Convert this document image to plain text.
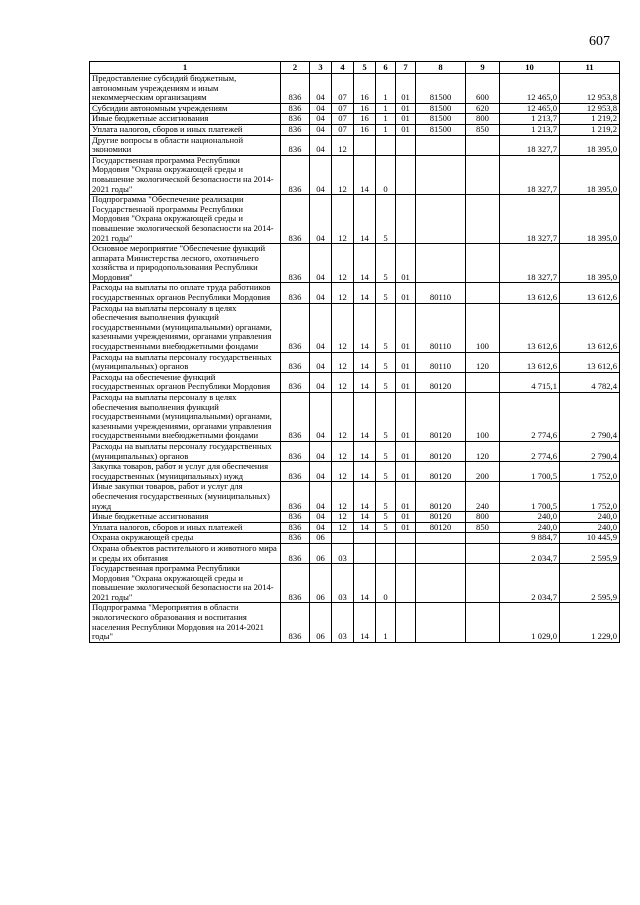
607
1	2	3	4	5	6	7	8	9	10	11
Предоставление субсидий бюджетным, автономным учреждениям и иным некоммерческим организациям	836	04	07	16	1	01	81500	600	12 465,0	12 953,8
Субсидии автономным учреждениям	836	04	07	16	1	01	81500	620	12 465,0	12 953,8
Иные бюджетные ассигнования	836	04	07	16	1	01	81500	800	1 213,7	1 219,2
Уплата налогов, сборов и иных платежей	836	04	07	16	1	01	81500	850	1 213,7	1 219,2
Другие вопросы в области национальной экономики	836	04	12						18 327,7	18 395,0
Государственная программа Республики Мордовия "Охрана окружающей среды и повышение экологической безопасности на 2014-2021 годы"	836	04	12	14	0				18 327,7	18 395,0
Подпрограмма "Обеспечение реализации Государственной программы Республики Мордовия "Охрана окружающей среды и повышение экологической безопасности на 2014-2021 годы"	836	04	12	14	5				18 327,7	18 395,0
Основное мероприятие "Обеспечение функций аппарата Министерства лесного, охотничьего хозяйства и природопользования Республики Мордовия"	836	04	12	14	5	01			18 327,7	18 395,0
Расходы на выплаты по оплате труда работников государственных органов Республики Мордовия	836	04	12	14	5	01	80110		13 612,6	13 612,6
Расходы на выплаты персоналу в целях обеспечения выполнения функций государственными (муниципальными) органами, казенными учреждениями, органами управления государственными внебюджетными фондами	836	04	12	14	5	01	80110	100	13 612,6	13 612,6
Расходы на выплаты персоналу государственных (муниципальных) органов	836	04	12	14	5	01	80110	120	13 612,6	13 612,6
Расходы на обеспечение функций государственных органов Республики Мордовия	836	04	12	14	5	01	80120		4 715,1	4 782,4
Расходы на выплаты персоналу в целях обеспечения выполнения функций государственными (муниципальными) органами, казенными учреждениями, органами управления государственными внебюджетными фондами	836	04	12	14	5	01	80120	100	2 774,6	2 790,4
Расходы на выплаты персоналу государственных (муниципальных) органов	836	04	12	14	5	01	80120	120	2 774,6	2 790,4
Закупка товаров, работ и услуг для обеспечения государственных (муниципальных) нужд	836	04	12	14	5	01	80120	200	1 700,5	1 752,0
Иные закупки товаров, работ и услуг для обеспечения государственных (муниципальных) нужд	836	04	12	14	5	01	80120	240	1 700,5	1 752,0
Иные бюджетные ассигнования	836	04	12	14	5	01	80120	800	240,0	240,0
Уплата налогов, сборов и иных платежей	836	04	12	14	5	01	80120	850	240,0	240,0
Охрана окружающей среды	836	06							9 884,7	10 445,9
Охрана объектов растительного и животного мира и среды их обитания	836	06	03						2 034,7	2 595,9
Государственная программа Республики Мордовия "Охрана окружающей среды и повышение экологической безопасности на 2014-2021 годы"	836	06	03	14	0				2 034,7	2 595,9
Подпрограмма "Мероприятия в области экологического образования и воспитания населения Республики Мордовия на 2014-2021 годы"	836	06	03	14	1				1 029,0	1 229,0
